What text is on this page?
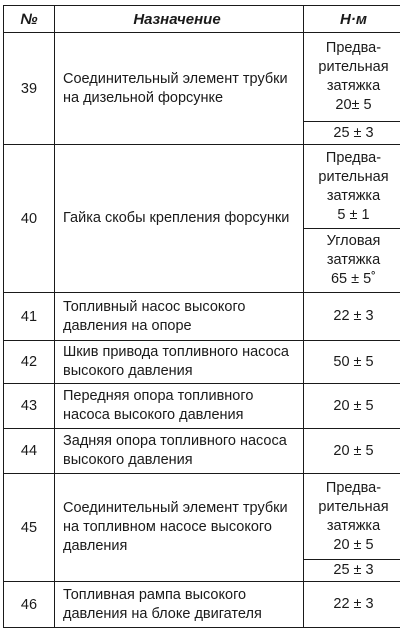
№	Назначение	Н·м
39	Соединительный элемент трубки на дизельной форсунке	Предва-
рительная
затяжка
20± 5
		25 ± 3
40	Гайка скобы крепления форсунки	Предва-
рительная
затяжка
5 ± 1
		Угловая
затяжка
65 ± 5˚
41	Топливный насос высокого давления на опоре	22 ± 3
42	Шкив привода топливного насоса высокого давления	50 ± 5
43	Передняя опора топливного насоса высокого давления	20 ± 5
44	Задняя опора топливного насоса высокого давления	20 ± 5
45	Соединительный элемент трубки на топливном насосе высокого давления	Предва-
рительная
затяжка
20 ± 5
		25 ± 3
46	Топливная рампа высокого давления на блоке двигателя	22 ± 3
